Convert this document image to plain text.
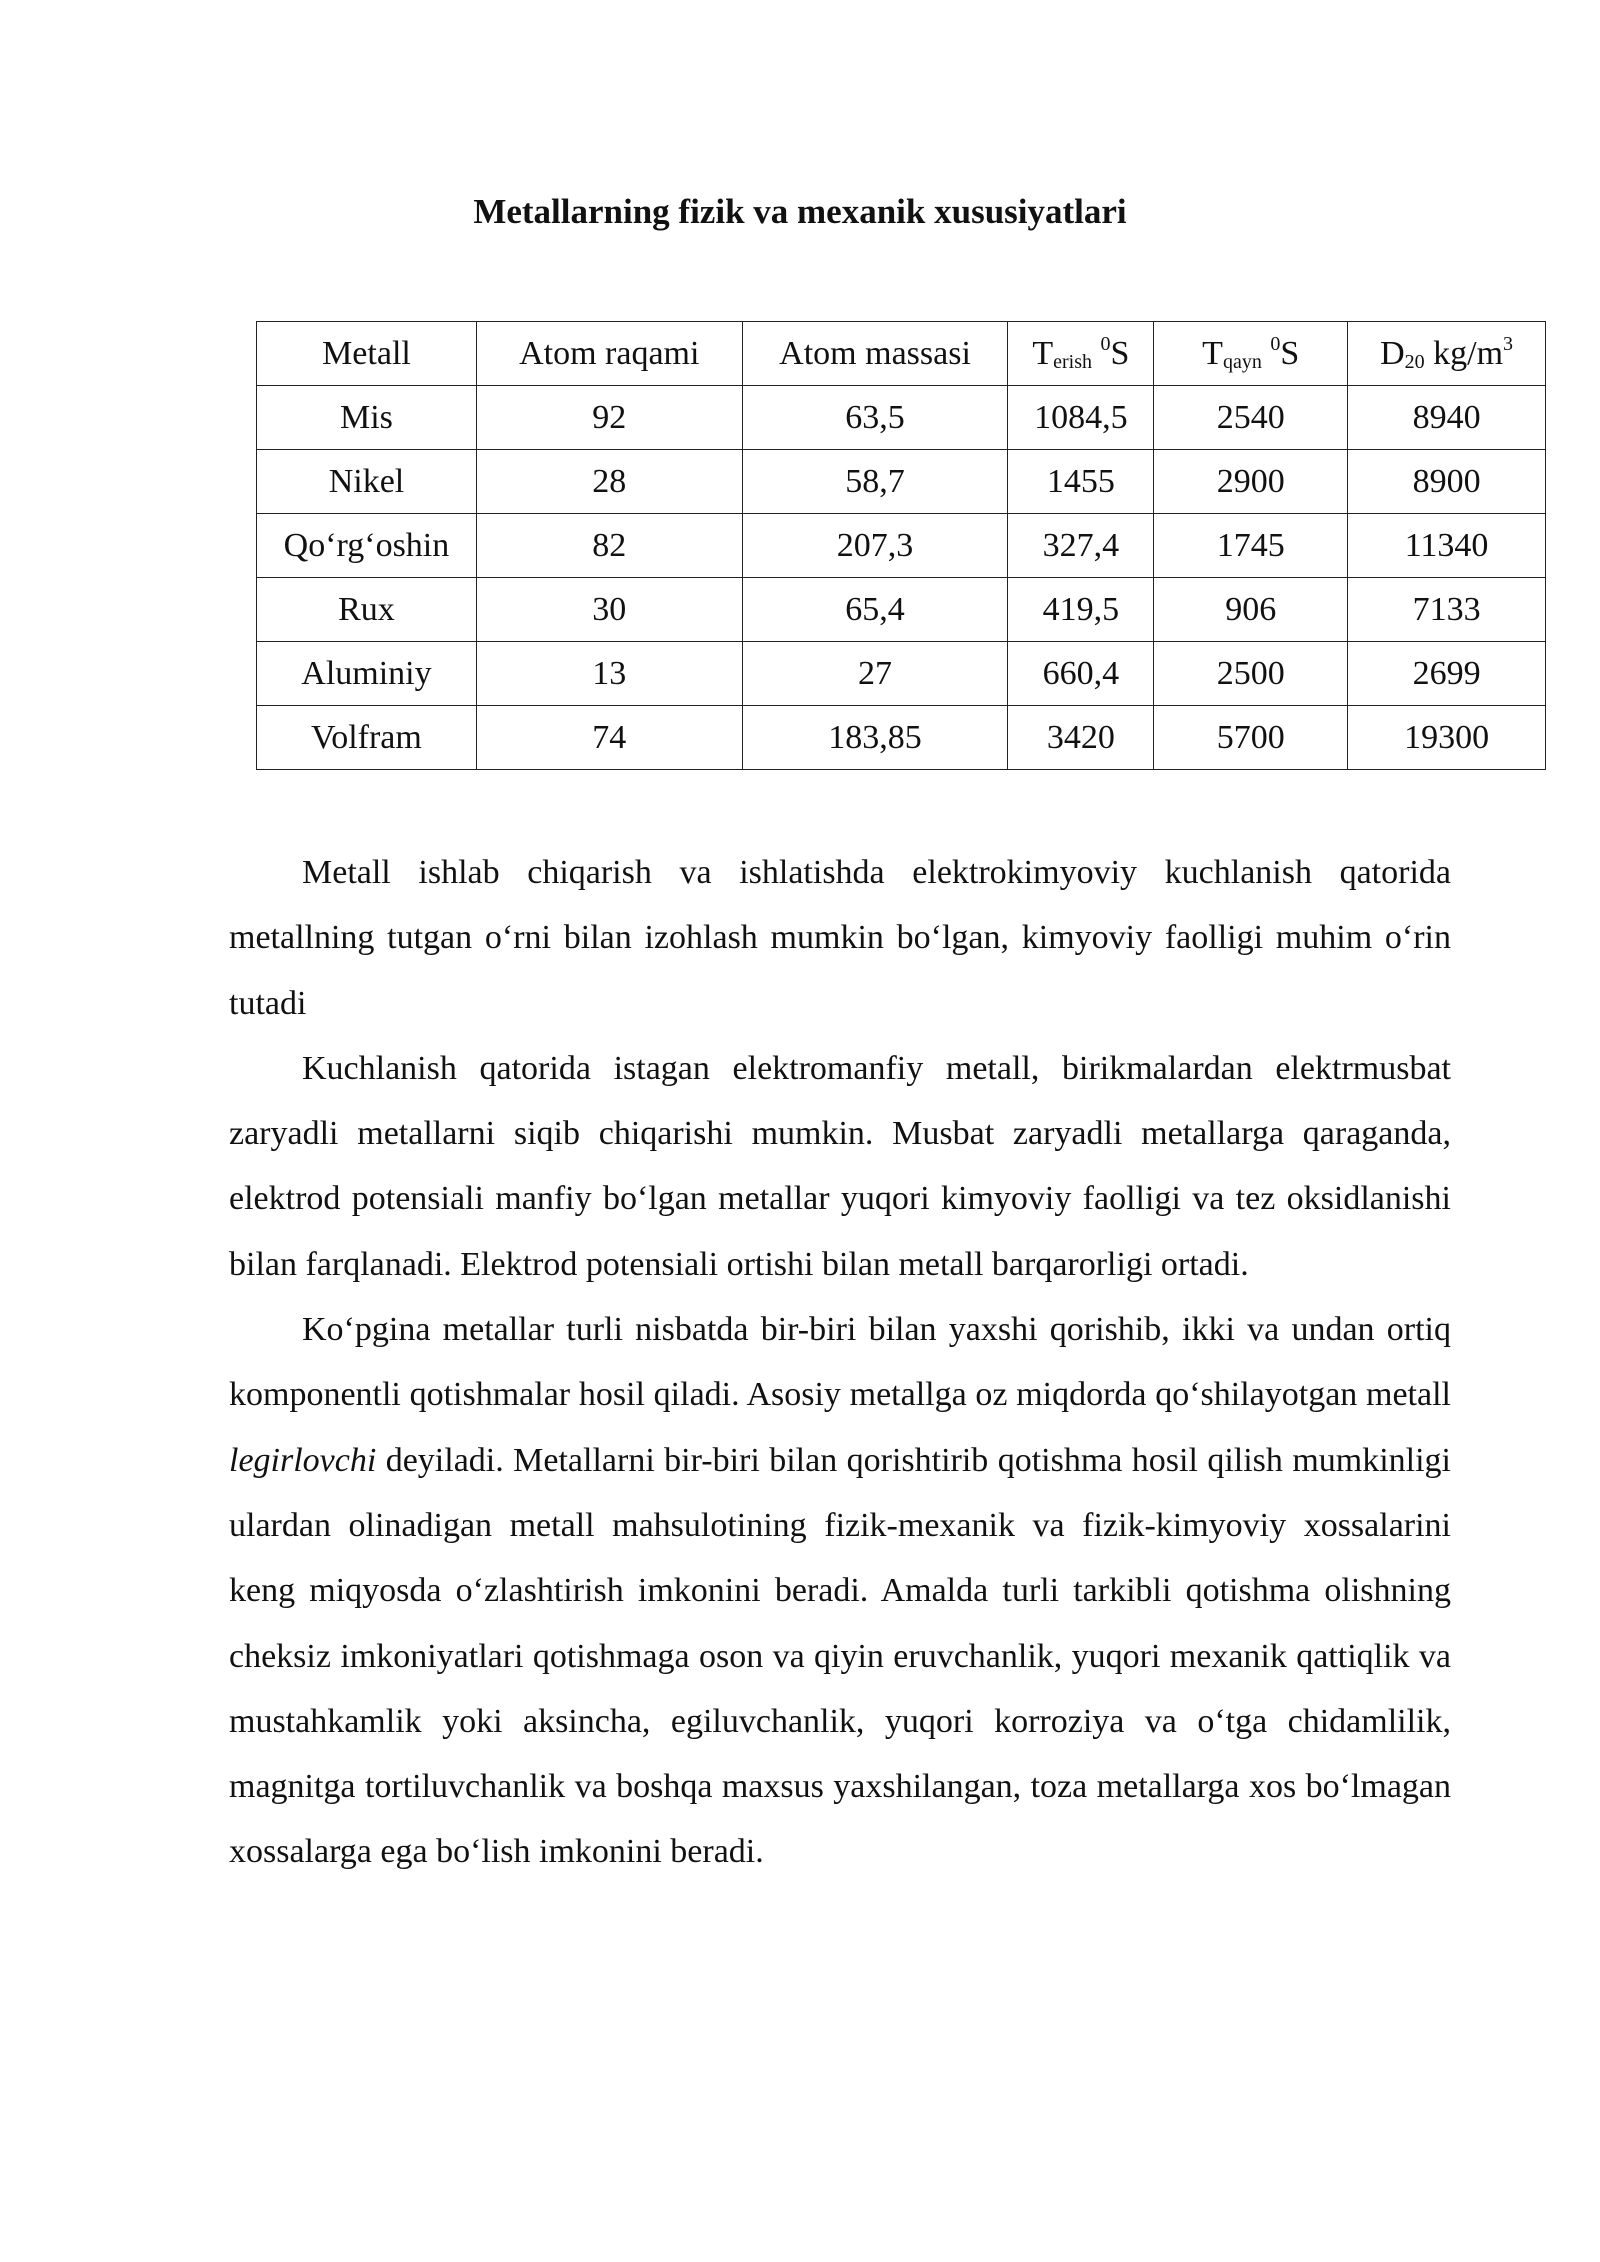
Metallarning fizik va mexanik xususiyatlari
Metall	Atom raqami	Atom massasi	$T_{erish}$ $^0$S	$T_{qayn}$ $^0$S	$D_{20}$ $kg/m^3$
Mis	92	63,5	1084,5	2540	8940
Nikel	28	58,7	1455	2900	8900
Qo‘rg‘oshin	82	207,3	327,4	1745	11340
Rux	30	65,4	419,5	906	7133
Aluminiy	13	27	660,4	2500	2699
Volfram	74	183,85	3420	5700	19300

Metall ishlab chiqarish va ishlatishda elektrokimyoviy kuchlanish qatorida metallning tutgan o‘rni bilan izohlash mumkin bo‘lgan, kimyoviy faolligi muhim o‘rin tutadi

Kuchlanish qatorida istagan elektromanfiy metall, birikmalardan elektrmusbat zaryadli metallarni siqib chiqarishi mumkin. Musbat zaryadli metallarga qaraganda, elektrod potensiali manfiy bo‘lgan metallar yuqori kimyoviy faolligi va tez oksidlanishi bilan farqlanadi. Elektrod potensiali ortishi bilan metall barqarorligi ortadi.

Ko‘pgina metallar turli nisbatda bir-biri bilan yaxshi qorishib, ikki va undan ortiq komponentli qotishmalar hosil qiladi. Asosiy metallga oz miqdorda qo‘shilayotgan metall legirlovchi deyiladi. Metallarni bir-biri bilan qorishtirib qotishma hosil qilish mumkinligi ulardan olinadigan metall mahsulotining fizik-mexanik va fizik-kimyoviy xossalarini keng miqyosda o‘zlashtirish imkonini beradi. Amalda turli tarkibli qotishma olishning cheksiz imkoniyatlari qotishmaga oson va qiyin eruvchanlik, yuqori mexanik qattiqlik va mustahkamlik yoki aksincha, egiluvchanlik, yuqori korroziya va o‘tga chidamlilik, magnitga tortiluvchanlik va boshqa maxsus yaxshilangan, toza metallarga xos bo‘lmagan xossalarga ega bo‘lish imkonini beradi.
